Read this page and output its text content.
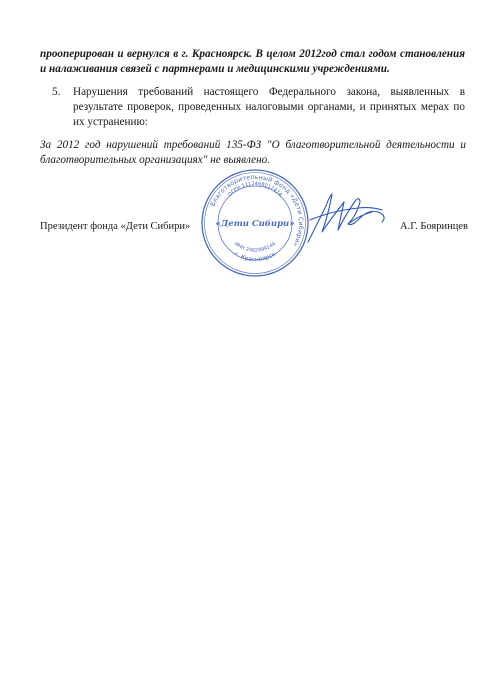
прооперирован и вернулся в г. Красноярск. В целом 2012год стал годом становления и налаживания связей с партнерами и медицинскими учреждениями.
5. Нарушения требований настоящего Федерального закона, выявленных в результате проверок, проведенных налоговыми органами, и принятых мерах по их устранению:
За 2012 год нарушений требований 135-ФЗ "О благотворительной деятельности и благотворительных организациях" не выявлено.
Президент фонда «Дети Сибири»	А.Г. Бояринцев
Благотворительный фонд «Дети Сибири»
ОГРН 1112468017424
ИНН 2462999144
г. Красноярск
«Дети Сибири»
